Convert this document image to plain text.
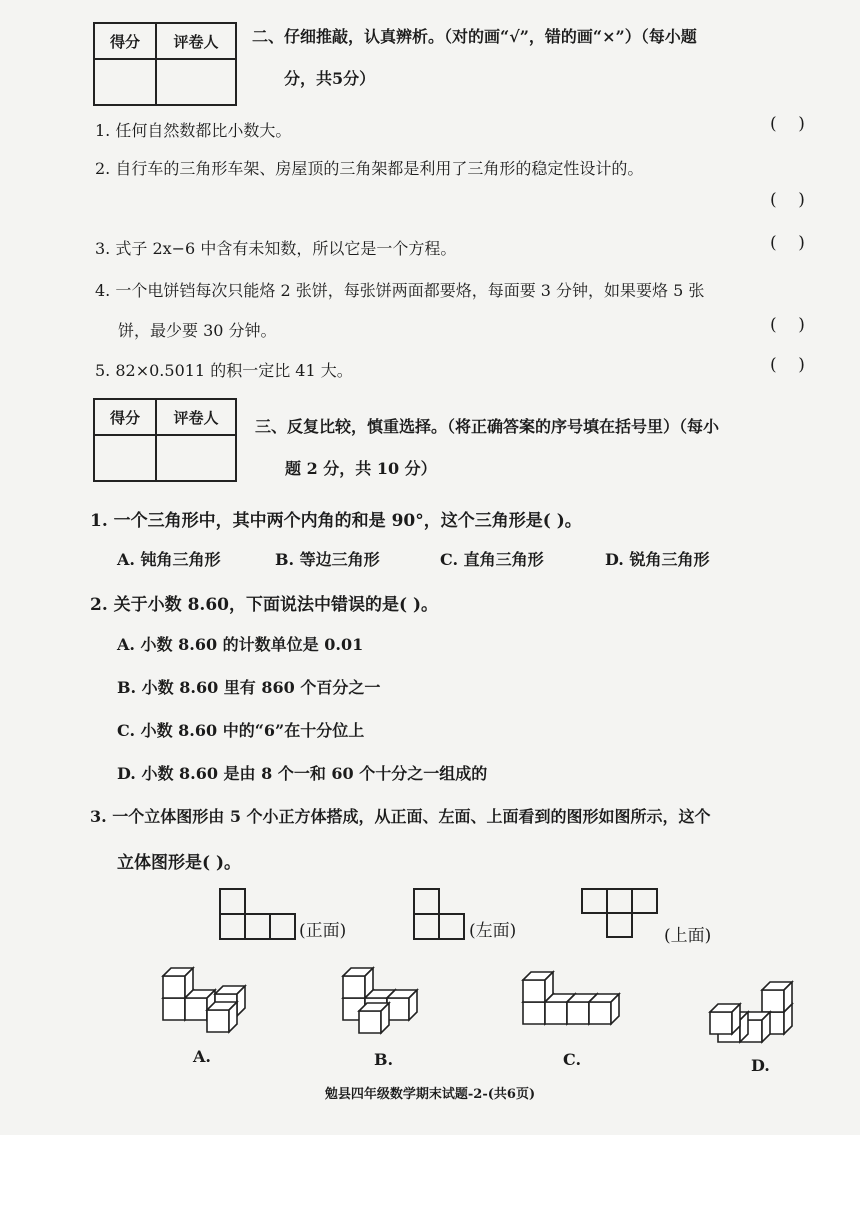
得分	评卷人
	二、仔细推敲，认真辨析。（对的画“√”，错的画“×”）（每小题
分，共5分）
1. 任何自然数都比小数大。	(    )
2. 自行车的三角形车架、房屋顶的三角架都是利用了三角形的稳定性设计的。
(    )
3. 式子 2x−6 中含有未知数，所以它是一个方程。	(    )
4. 一个电饼铛每次只能烙 2 张饼，每张饼两面都要烙，每面要 3 分钟，如果要烙 5 张
饼，最少要 30 分钟。	(    )
5. 82×0.5011 的积一定比 41 大。	(    )
得分	评卷人
	三、反复比较，慎重选择。（将正确答案的序号填在括号里）（每小
题 2 分，共 10 分）
1. 一个三角形中，其中两个内角的和是 90°，这个三角形是( )。
A. 钝角三角形	B. 等边三角形	C. 直角三角形	D. 锐角三角形
2. 关于小数 8.60，下面说法中错误的是( )。
A. 小数 8.60 的计数单位是 0.01
B. 小数 8.60 里有 860 个百分之一
C. 小数 8.60 中的“6”在十分位上
D. 小数 8.60 是由 8 个一和 60 个十分之一组成的
3. 一个立体图形由 5 个小正方体搭成，从正面、左面、上面看到的图形如图所示，这个
立体图形是( )。
(正面)	(左面)	(上面)
A.	B.	C.	D.
勉县四年级数学期末试题-2-(共6页)
